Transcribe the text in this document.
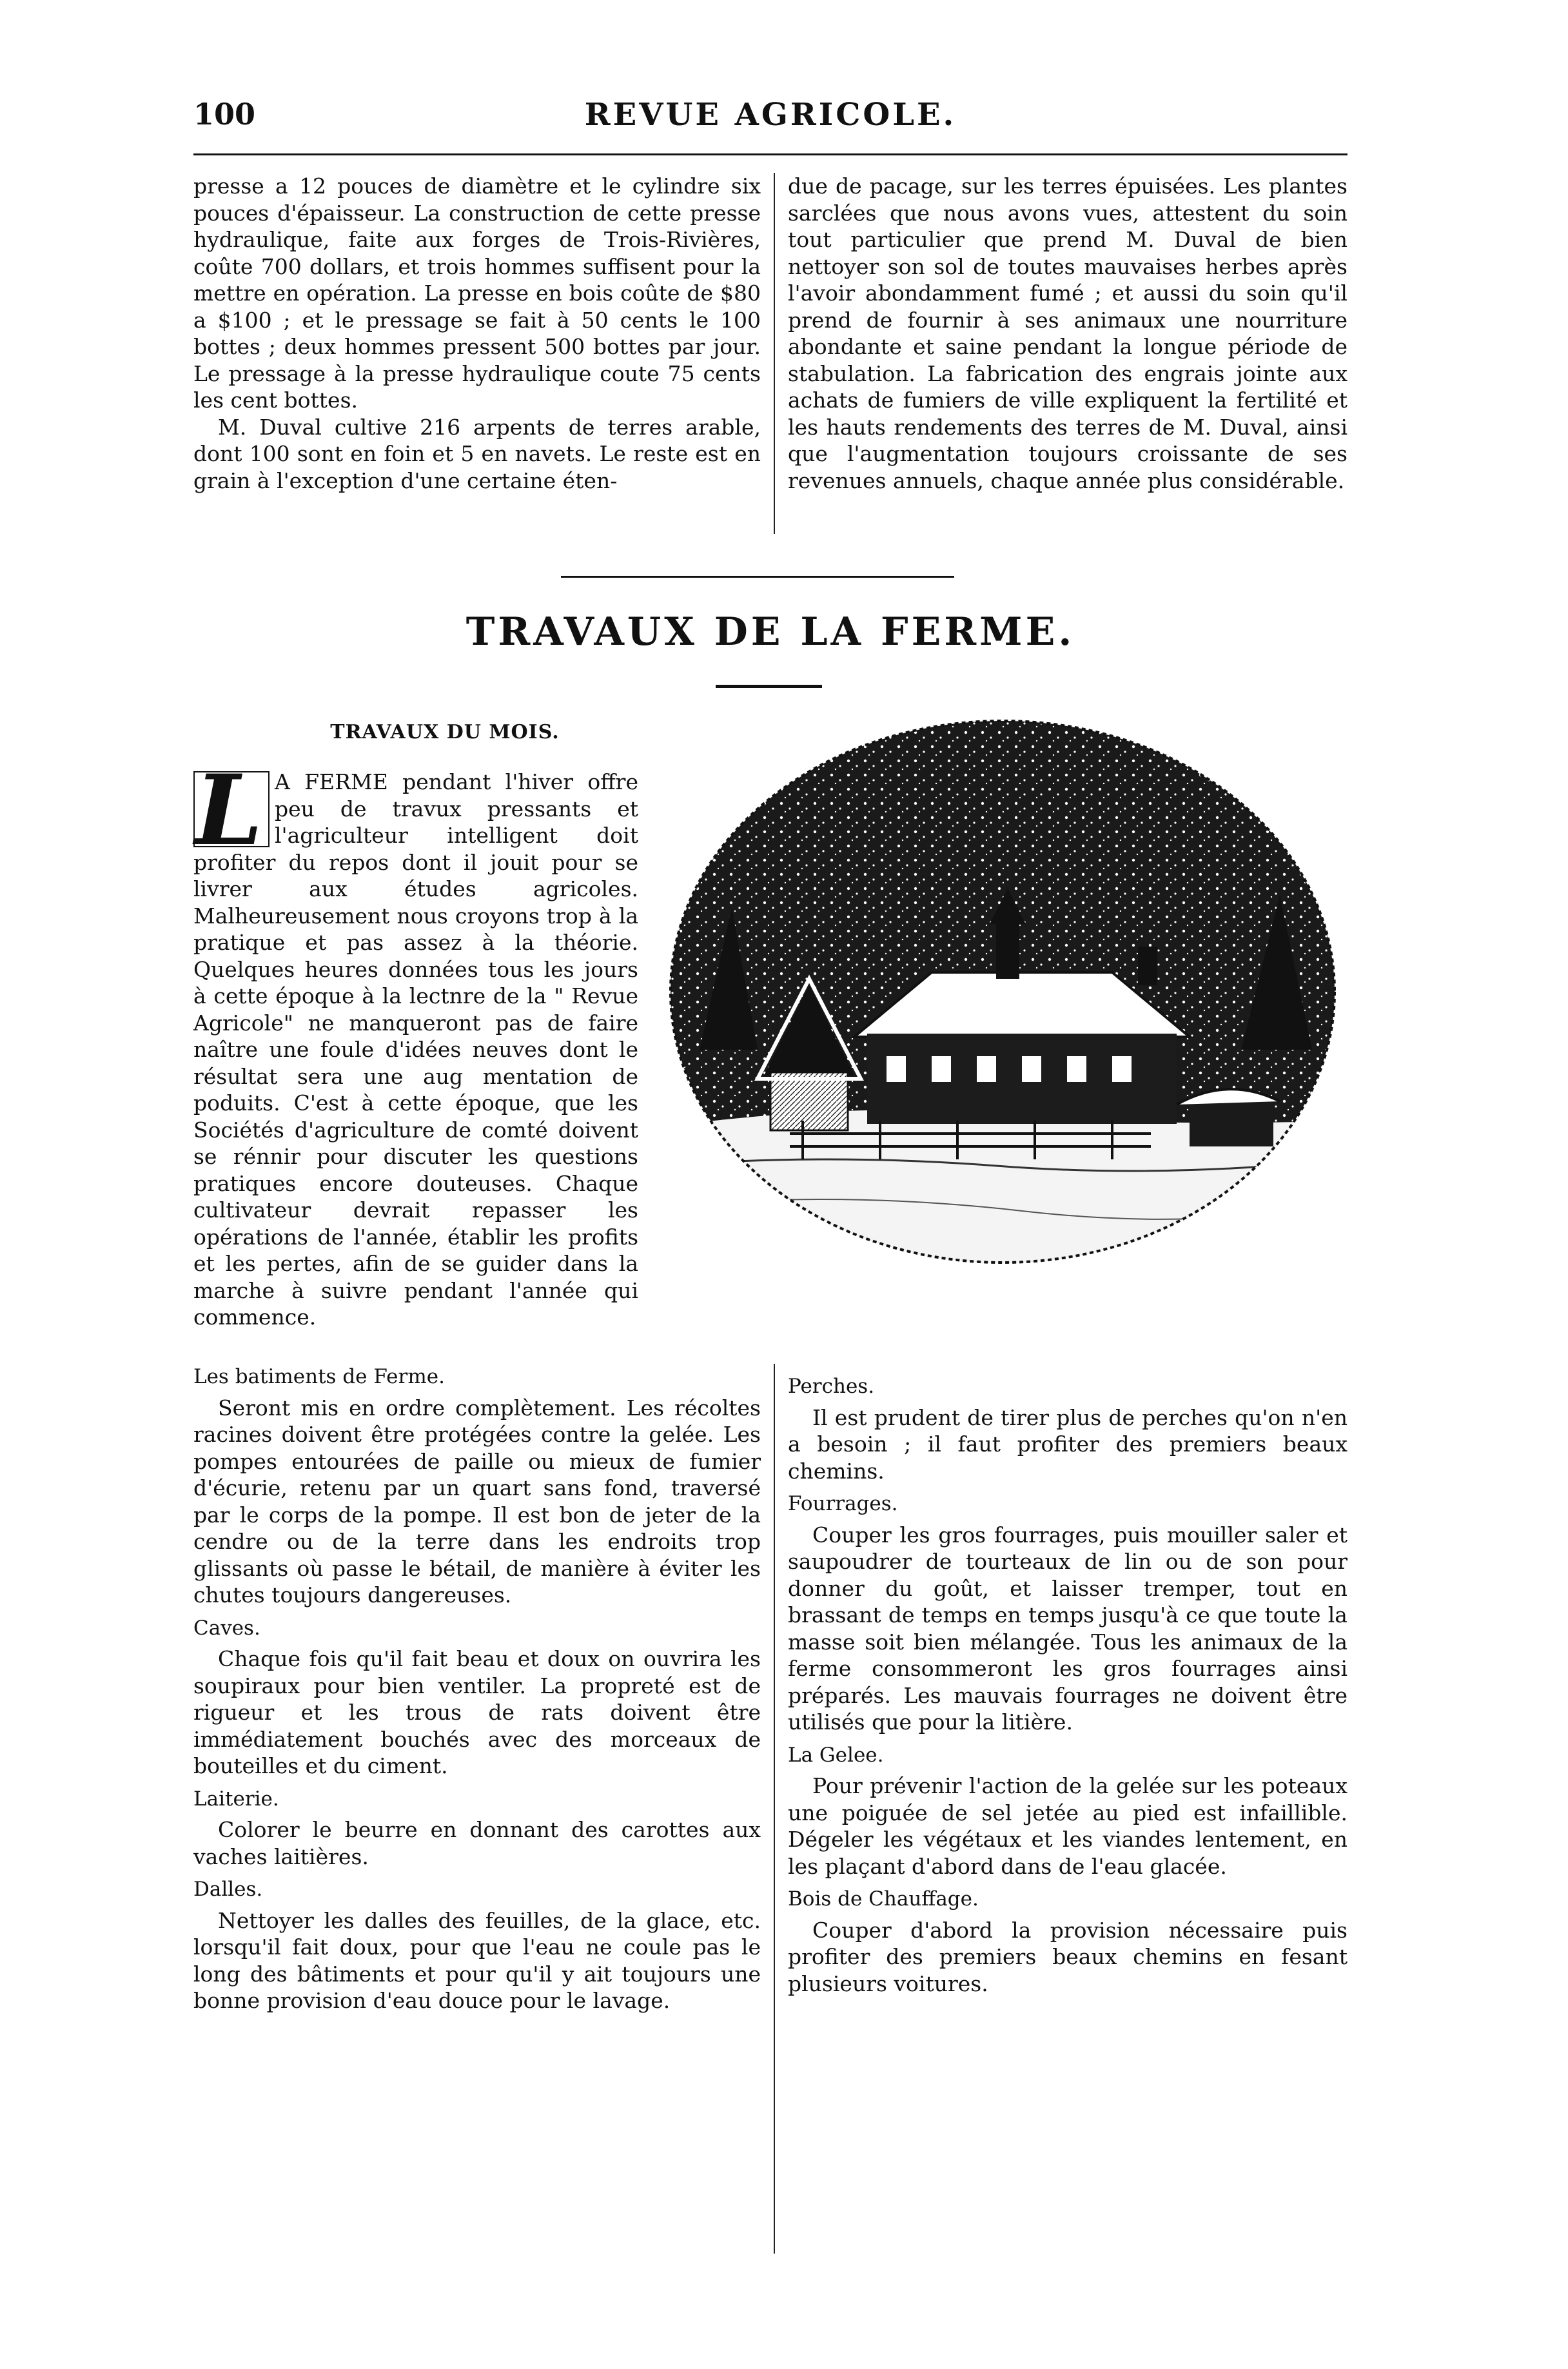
100	REVUE AGRICOLE.

presse a 12 pouces de diamètre et le cylindre six pouces d'épaisseur. La construction de cette presse hydraulique, faite aux forges de Trois-Rivières, coûte 700 dollars, et trois hommes suffisent pour la mettre en opération. La presse en bois coûte de $80 a $100 ; et le pressage se fait à 50 cents le 100 bottes ; deux hommes pressent 500 bottes par jour. Le pressage à la presse hydraulique coute 75 cents les cent bottes.

M. Duval cultive 216 arpents de terres arable, dont 100 sont en foin et 5 en navets. Le reste est en grain à l'exception d'une certaine éten-

due de pacage, sur les terres épuisées. Les plantes sarclées que nous avons vues, attestent du soin tout particulier que prend M. Duval de bien nettoyer son sol de toutes mauvaises herbes après l'avoir abondamment fumé ; et aussi du soin qu'il prend de fournir à ses animaux une nourriture abondante et saine pendant la longue période de stabulation. La fabrication des engrais jointe aux achats de fumiers de ville expliquent la fertilité et les hauts rendements des terres de M. Duval, ainsi que l'augmentation toujours croissante de ses revenues annuels, chaque année plus considérable.

TRAVAUX DE LA FERME.
TRAVAUX DU MOIS.
L A FERME pendant l'hiver offre peu de travux pressants et l'agriculteur intelligent doit profiter du repos dont il jouit pour se livrer aux études agricoles. Malheureusement nous croyons trop à la pratique et pas assez à la théorie. Quelques heures données tous les jours à cette époque à la lectnre de la " Revue Agricole" ne manqueront pas de faire naître une foule d'idées neuves dont le résultat sera une aug mentation de poduits. C'est à cette époque, que les Sociétés d'agriculture de comté doivent se rénnir pour discuter les questions pratiques encore douteuses. Chaque cultivateur devrait repasser les opérations de l'année, établir les profits et les pertes, afin de se guider dans la marche à suivre pendant l'année qui commence.

Les batiments de Ferme.

Seront mis en ordre complètement. Les récoltes racines doivent être protégées contre la gelée. Les pompes entourées de paille ou mieux de fumier d'écurie, retenu par un quart sans fond, traversé par le corps de la pompe. Il est bon de jeter de la cendre ou de la terre dans les endroits trop glissants où passe le bétail, de manière à éviter les chutes toujours dangereuses.

Caves.

Chaque fois qu'il fait beau et doux on ouvrira les soupiraux pour bien ventiler. La propreté est de rigueur et les trous de rats doivent être immédiatement bouchés avec des morceaux de bouteilles et du ciment.

Laiterie.

Colorer le beurre en donnant des carottes aux vaches laitières.

Dalles.

Nettoyer les dalles des feuilles, de la glace, etc. lorsqu'il fait doux, pour que l'eau ne coule pas le long des bâtiments et pour qu'il y ait toujours une bonne provision d'eau douce pour le lavage.

Perches.

Il est prudent de tirer plus de perches qu'on n'en a besoin ; il faut profiter des premiers beaux chemins.

Fourrages.

Couper les gros fourrages, puis mouiller saler et saupoudrer de tourteaux de lin ou de son pour donner du goût, et laisser tremper, tout en brassant de temps en temps jusqu'à ce que toute la masse soit bien mélangée. Tous les animaux de la ferme consommeront les gros fourrages ainsi préparés. Les mauvais fourrages ne doivent être utilisés que pour la litière.

La Gelee.

Pour prévenir l'action de la gelée sur les poteaux une poiguée de sel jetée au pied est infaillible. Dégeler les végétaux et les viandes lentement, en les plaçant d'abord dans de l'eau glacée.

Bois de Chauffage.

Couper d'abord la provision nécessaire puis profiter des premiers beaux chemins en fesant plusieurs voitures.
